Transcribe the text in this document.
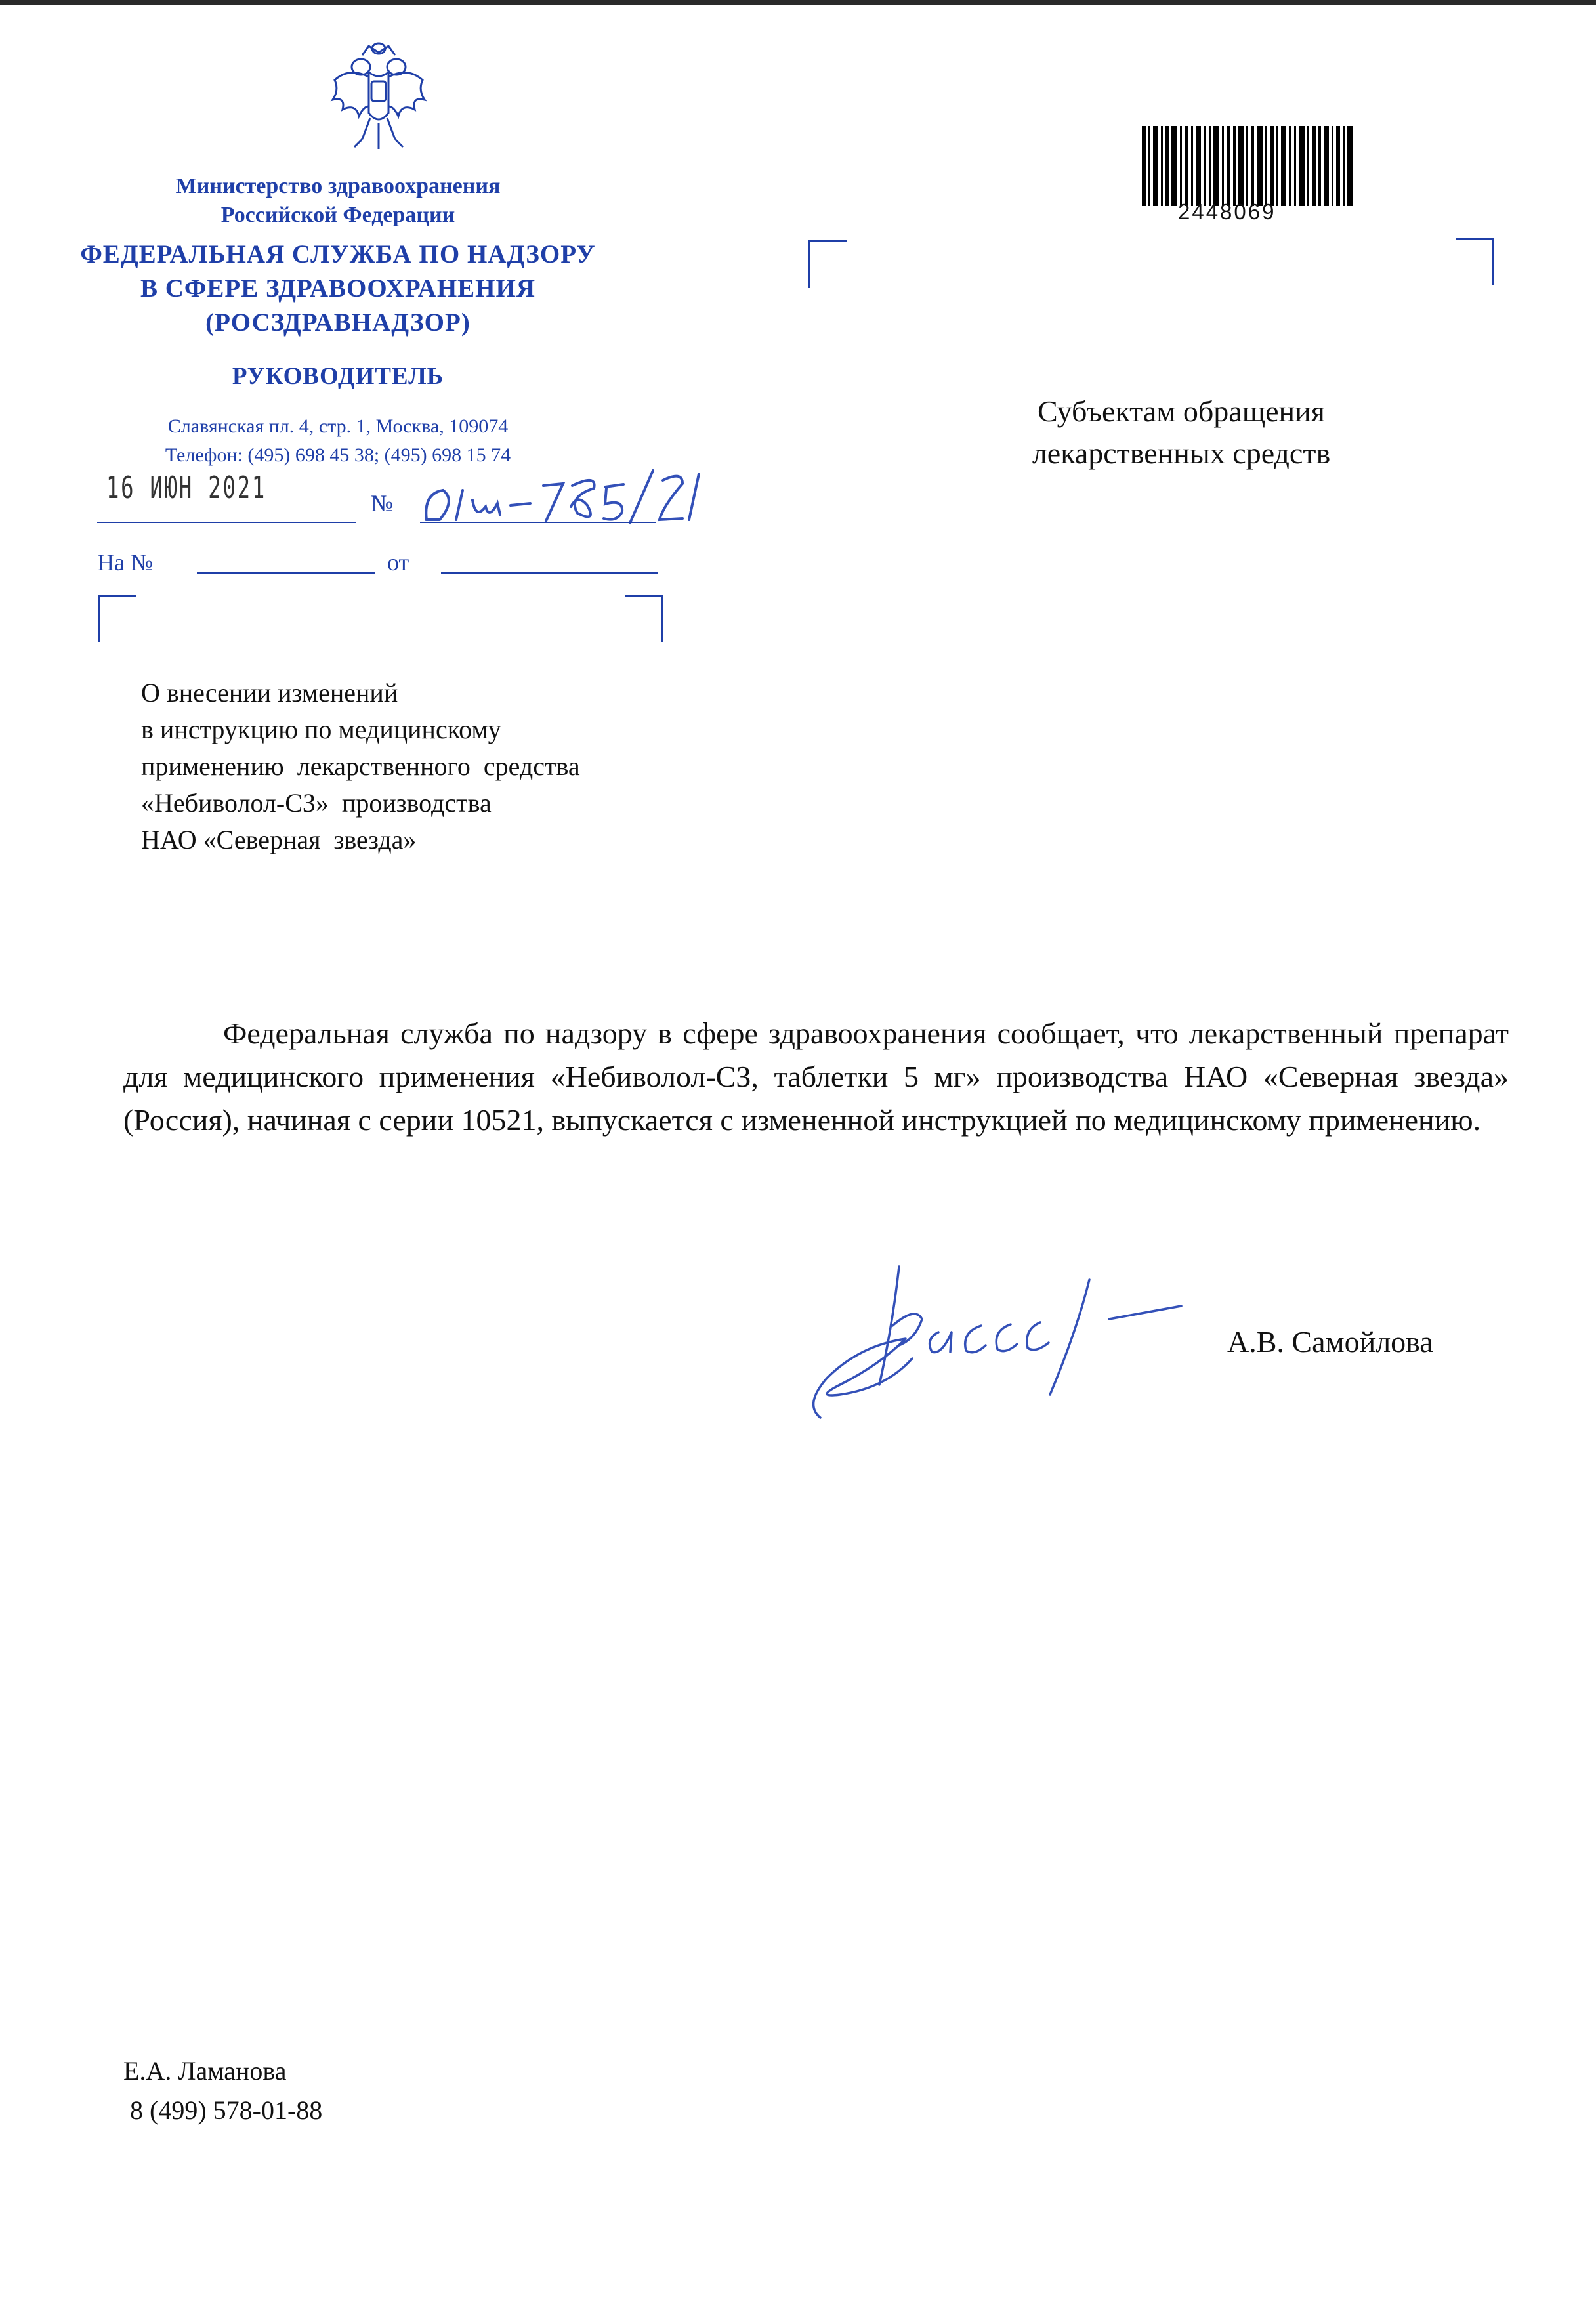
Министерство здравоохранения
Российской Федерации
ФЕДЕРАЛЬНАЯ СЛУЖБА ПО НАДЗОРУ
В СФЕРЕ ЗДРАВООХРАНЕНИЯ
(РОСЗДРАВНАДЗОР)
РУКОВОДИТЕЛЬ
Славянская пл. 4, стр. 1, Москва, 109074
Телефон: (495) 698 45 38; (495) 698 15 74
16 ИЮН 2021	№
На №	от
2448069
Субъектам обращения
лекарственных средств
О внесении изменений
в инструкцию по медицинскому
применению  лекарственного  средства
«Небиволол-СЗ»  производства
НАО «Северная  звезда»
Федеральная служба по надзору в сфере здравоохранения сообщает, что лекарственный препарат для медицинского применения «Небиволол-СЗ, таблетки 5 мг» производства НАО «Северная звезда» (Россия), начиная с серии 10521, выпускается с измененной инструкцией по медицинскому применению.
А.В. Самойлова
Е.А. Ламанова
8 (499) 578-01-88
